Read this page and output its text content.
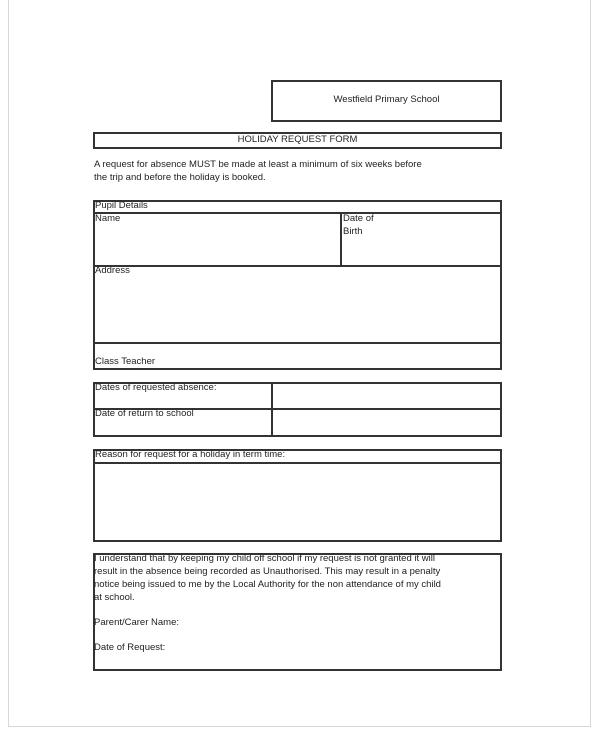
Westfield Primary School
HOLIDAY REQUEST FORM
A request for absence MUST be made at least a minimum of six weeks before
the trip and before the holiday is booked.
Pupil Details
Name	Date of
Birth
Address
Class Teacher
Dates of requested absence:
Date of return to school
Reason for request for a holiday in term time:
I understand that by keeping my child off school if my request is not granted it will
result in the absence being recorded as Unauthorised. This may result in a penalty
notice being issued to me by the Local Authority for the non attendance of my child
at school.
Parent/Carer Name:
Date of Request:
